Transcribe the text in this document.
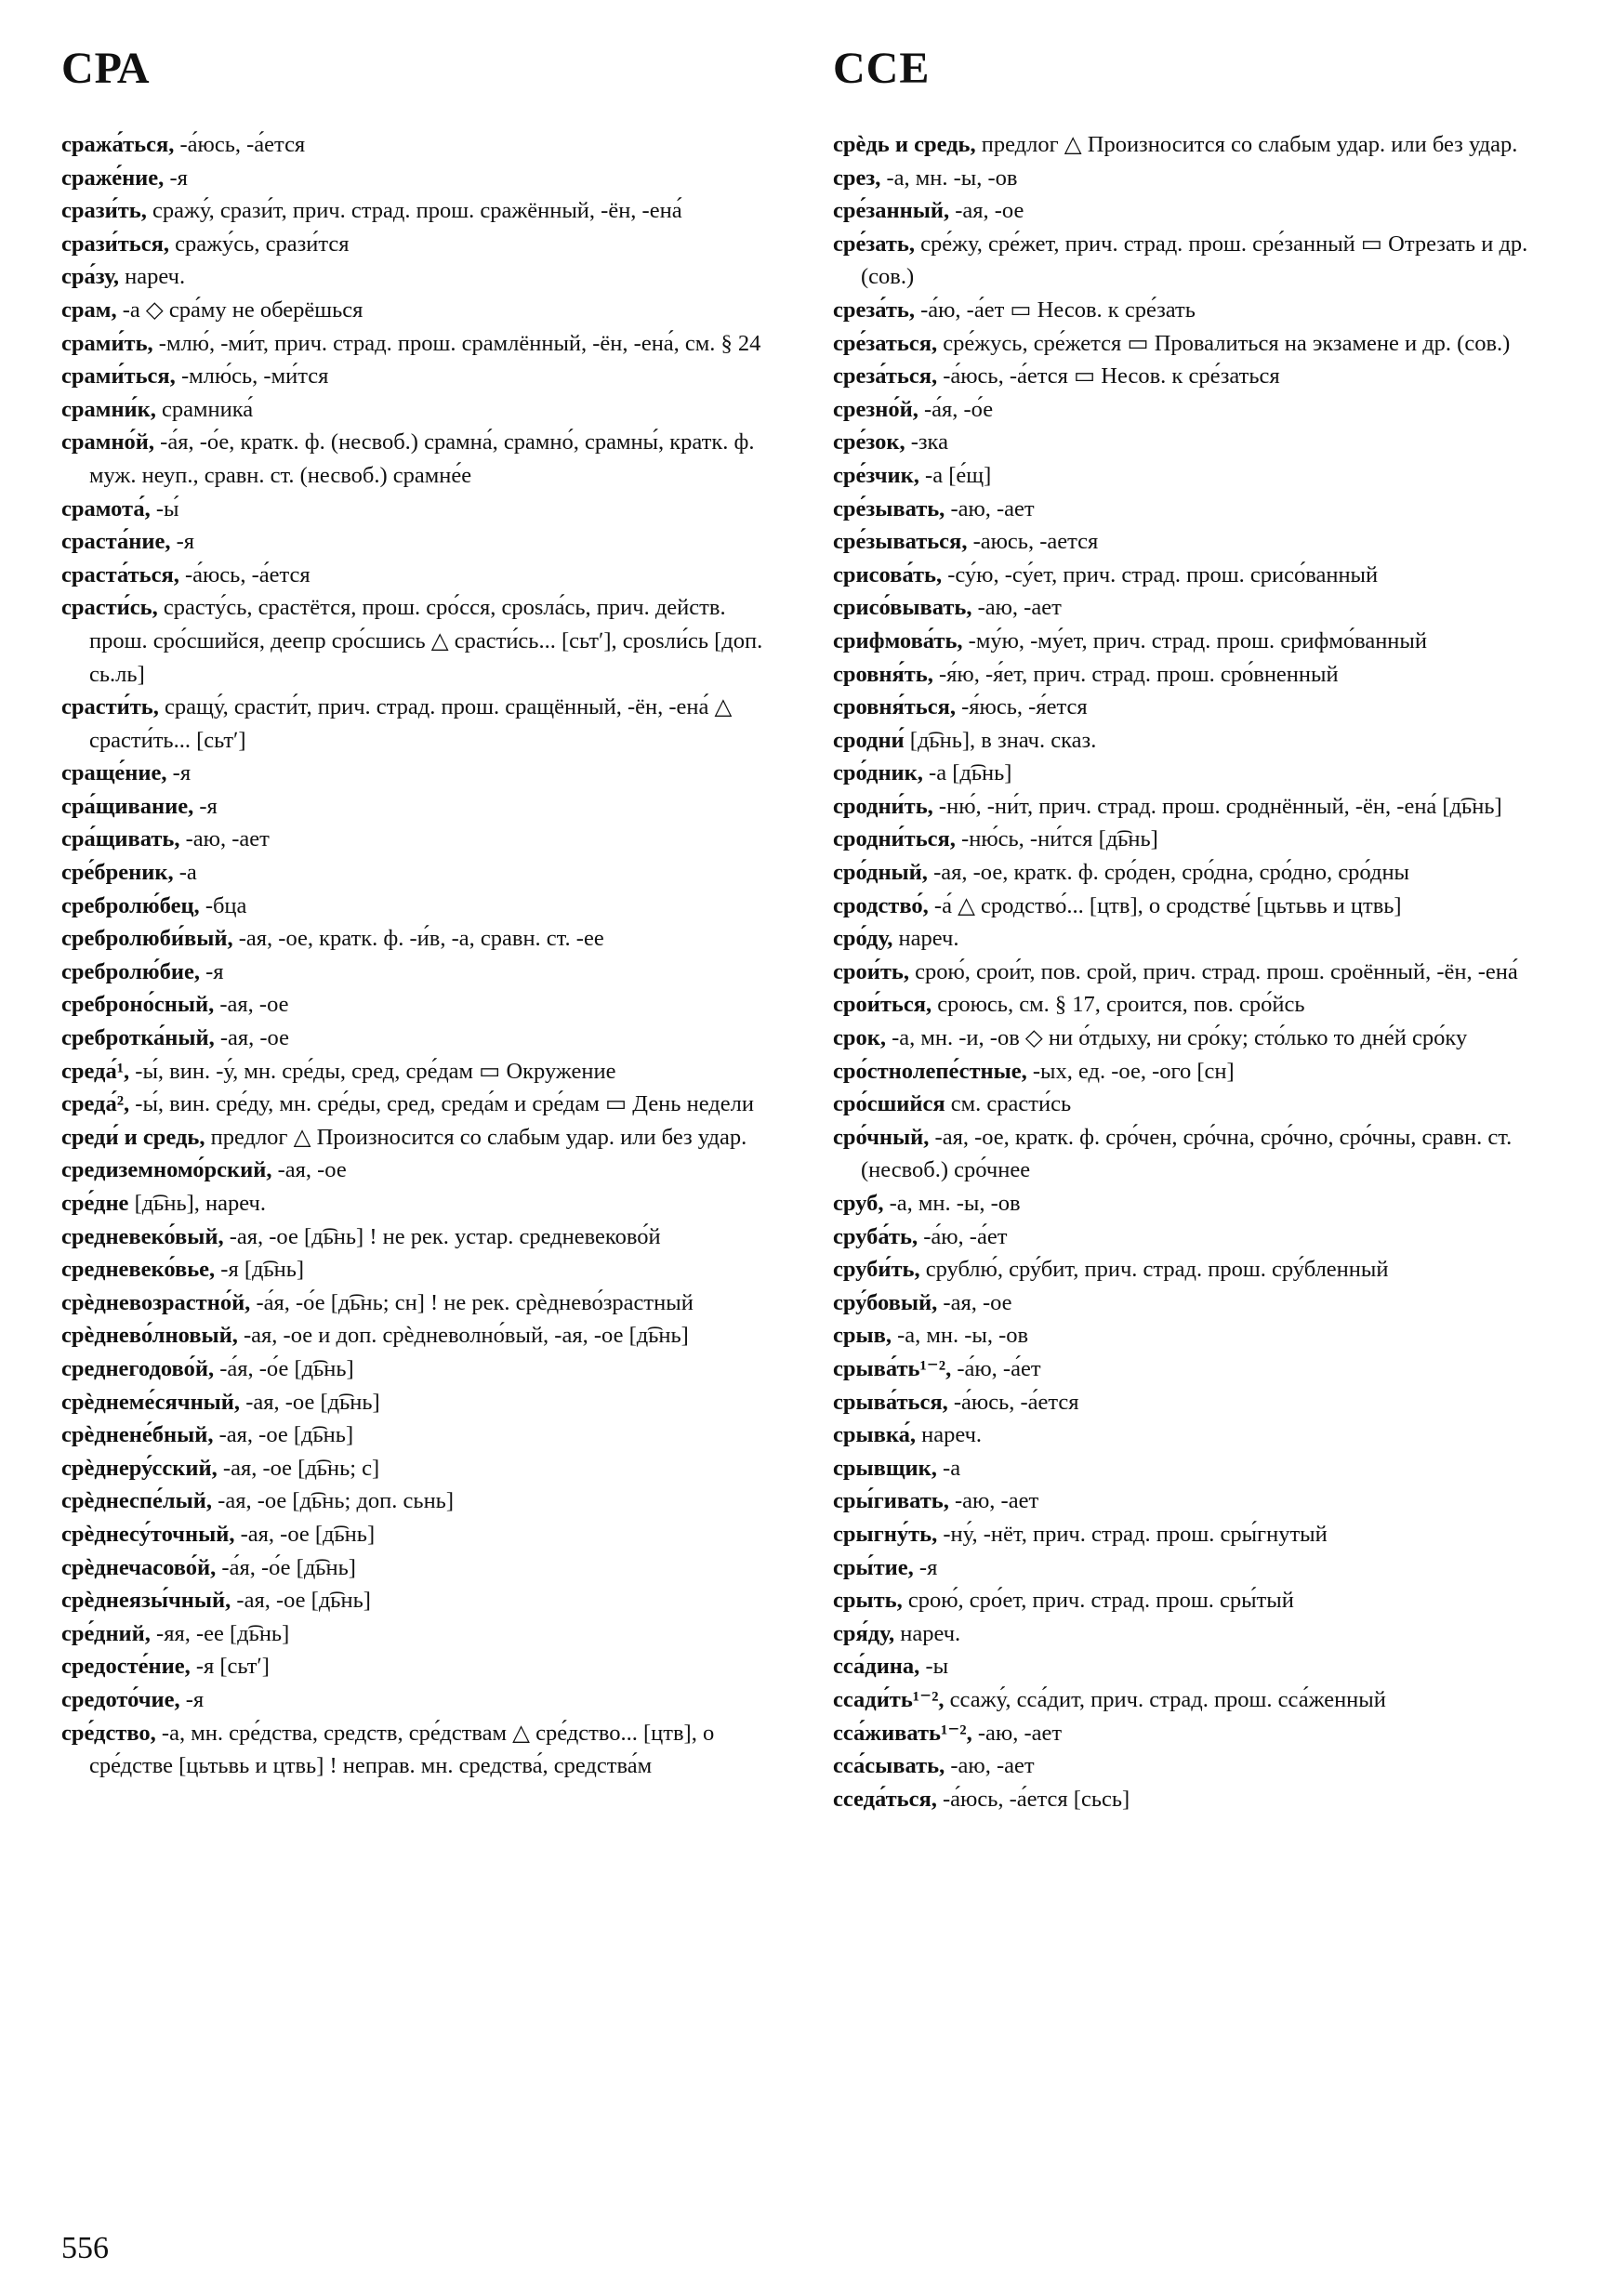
СРА	ССЕ

сража́ться, -а́юсь, -а́ется

сраже́ние, -я

срази́ть, сражу́, срази́т, прич. страд. прош. сражённый, -ён, -ена́

срази́ться, сражу́сь, срази́тся

сра́зу, нареч.

срам, -а ◇ сра́му не оберёшься

срами́ть, -млю́, -ми́т, прич. страд. прош. срамлённый, -ён, -ена́, см. § 24

срами́ться, -млю́сь, -ми́тся

срамни́к, срамника́

срамно́й, -а́я, -о́е, кратк. ф. (несвоб.) срамна́, срамно́, срамны́, кратк. ф. муж. неуп., сравн. ст. (несвоб.) срамне́е

срамота́, -ы́

сраста́ние, -я

сраста́ться, -а́юсь, -а́ется

срасти́сь, срасту́сь, срастётся, прош. сро́сся, срosла́сь, прич. действ. прош. сро́сшийся, деепр сро́сшись △ срасти́сь... [сьтʹ], срosли́сь [доп. сь.ль]

срасти́ть, сращу́, срасти́т, прич. страд. прош. сращённый, -ён, -ена́ △ срасти́ть... [сьтʹ]

сраще́ние, -я

сра́щивание, -я

сра́щивать, -аю, -ает

сре́бреник, -а

сребролю́бец, -бца

сребролюби́вый, -ая, -ое, кратк. ф. -и́в, -а, сравн. ст. -ее

сребролю́бие, -я

среброно́сный, -ая, -ое

сребротка́ный, -ая, -ое

среда́¹, -ы́, вин. -у́, мн. сре́ды, сред, сре́дам ▭ Окружение

среда́², -ы́, вин. сре́ду, мн. сре́ды, сред, среда́м и сре́дам ▭ День недели

среди́ и средь, предлог △ Произносится со слабым удар. или без удар.

средиземномо́рский, -ая, -ое

сре́дне [д͡ьнь], нареч.

средневеко́вый, -ая, -ое [д͡ьнь] ! не рек. устар. средневеково́й

средневеко́вье, -я [д͡ьнь]

срѐдневозрастно́й, -а́я, -о́е [д͡ьнь; сн] ! не рек. срѐднево́зрастный

срѐднево́лновый, -ая, -ое и доп. срѐдневолно́вый, -ая, -ое [д͡ьнь]

среднегодово́й, -а́я, -о́е [д͡ьнь]

срѐднеме́сячный, -ая, -ое [д͡ьнь]

срѐднене́бный, -ая, -ое [д͡ьнь]

срѐднеру́сский, -ая, -ое [д͡ьнь; с]

срѐднеспе́лый, -ая, -ое [д͡ьнь; доп. сьнь]

срѐднесу́точный, -ая, -ое [д͡ьнь]

срѐднечасово́й, -а́я, -о́е [д͡ьнь]

срѐднеязы́чный, -ая, -ое [д͡ьнь]

сре́дний, -яя, -ее [д͡ьнь]

средосте́ние, -я [сьтʹ]

средото́чие, -я

сре́дство, -а, мн. сре́дства, средств, сре́дствам △ сре́дство... [цтв], о сре́дстве [цьтьвь и цтвь] ! неправ. мн. средства́, средства́м

срѐдь и средь, предлог △ Произносится со слабым удар. или без удар.

срез, -а, мн. -ы, -ов

сре́занный, -ая, -ое

сре́зать, сре́жу, сре́жет, прич. страд. прош. сре́занный ▭ Отрезать и др. (сов.)

среза́ть, -а́ю, -а́ет ▭ Несов. к сре́зать

сре́заться, сре́жусь, сре́жется ▭ Провалиться на экзамене и др. (сов.)

среза́ться, -а́юсь, -а́ется ▭ Несов. к сре́заться

срезно́й, -а́я, -о́е

сре́зок, -зка

сре́зчик, -а [е́щ]

сре́зывать, -аю, -ает

сре́зываться, -аюсь, -ается

срисова́ть, -су́ю, -су́ет, прич. страд. прош. срисо́ванный

срисо́вывать, -аю, -ает

срифмова́ть, -му́ю, -му́ет, прич. страд. прош. срифмо́ванный

сровня́ть, -я́ю, -я́ет, прич. страд. прош. сро́вненный

сровня́ться, -я́юсь, -я́ется

сродни́ [д͡ьнь], в знач. сказ.

сро́дник, -а [д͡ьнь]

сродни́ть, -ню́, -ни́т, прич. страд. прош. сроднённый, -ён, -ена́ [д͡ьнь]

сродни́ться, -ню́сь, -ни́тся [д͡ьнь]

сро́дный, -ая, -ое, кратк. ф. сро́ден, сро́дна, сро́дно, сро́дны

сродство́, -а́ △ сродство́... [цтв], о сродстве́ [цьтьвь и цтвь]

сро́ду, нареч.

срои́ть, срою́, срои́т, пов. срой, прич. страд. прош. сроённый, -ён, -ена́

срои́ться, сроюсь, см. § 17, сроится, пов. сро́йсь

срок, -а, мн. -и, -ов ◇ ни о́тдыху, ни сро́ку; сто́лько то дне́й сро́ку

сро́стнолепе́стные, -ых, ед. -ое, -ого [сн]

сро́сшийся см. срасти́сь

сро́чный, -ая, -ое, кратк. ф. сро́чен, сро́чна, сро́чно, сро́чны, сравн. ст. (несвоб.) сро́чнее

сруб, -а, мн. -ы, -ов

сруба́ть, -а́ю, -а́ет

сруби́ть, срублю́, сру́бит, прич. страд. прош. сру́бленный

сру́бовый, -ая, -ое

срыв, -а, мн. -ы, -ов

срыва́ть¹⁻², -а́ю, -а́ет

срыва́ться, -а́юсь, -а́ется

срывка́, нареч.

срывщик, -а

сры́гивать, -аю, -ает

срыгну́ть, -ну́, -нёт, прич. страд. прош. сры́гнутый

сры́тие, -я

срыть, срою́, сро́ет, прич. страд. прош. сры́тый

сря́ду, нареч.

сса́дина, -ы

ссади́ть¹⁻², ссажу́, сса́дит, прич. страд. прош. сса́женный

сса́живать¹⁻², -аю, -ает

сса́сывать, -аю, -ает

сседа́ться, -а́юсь, -а́ется [сьсь]

556
